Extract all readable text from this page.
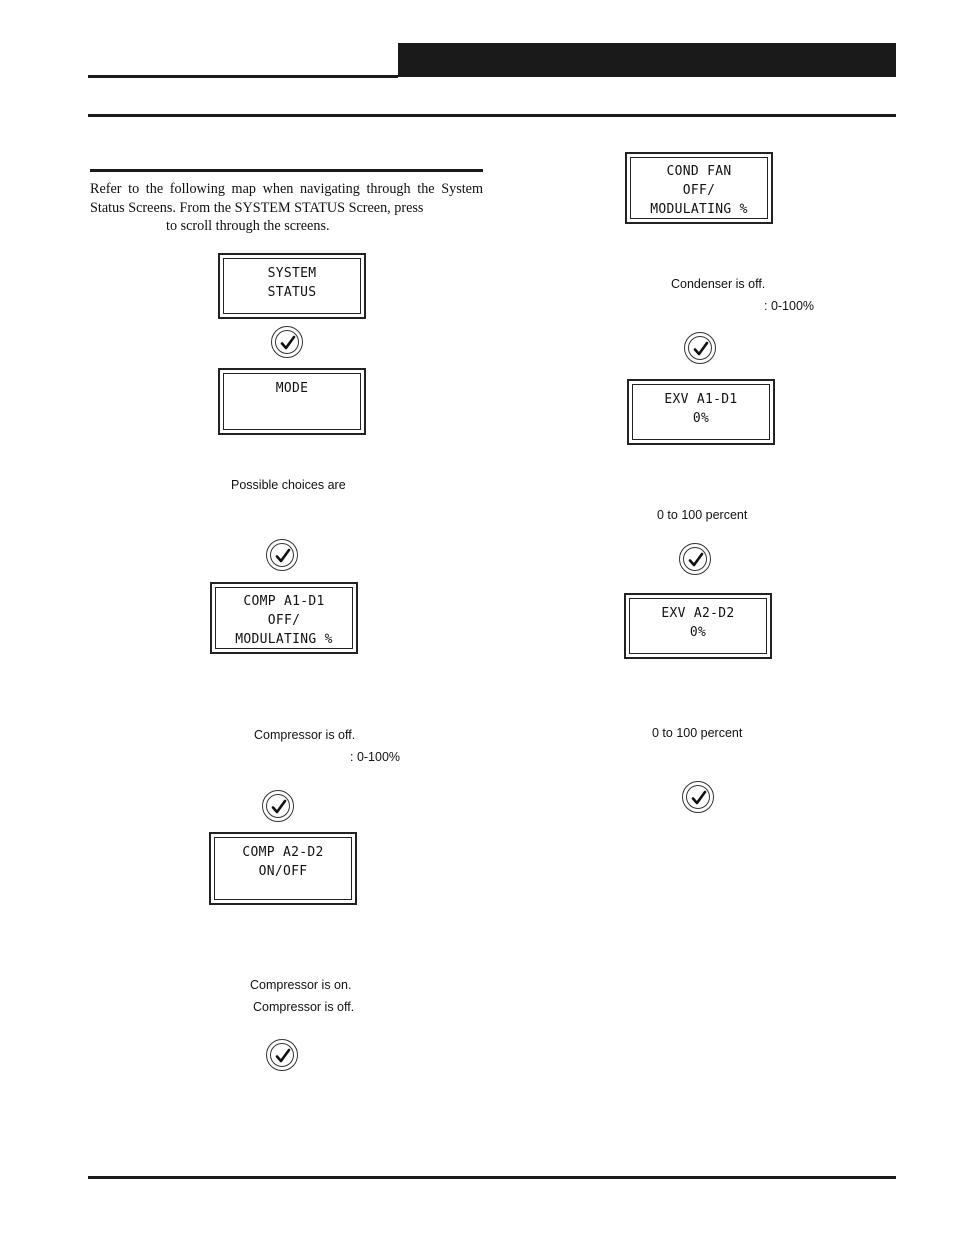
Refer to the following map when navigating through the System Status Screens. From the SYSTEM STATUS Screen, press
to scroll through the screens.
SYSTEM
STATUS
MODE
Possible choices are
COMP A1-D1
OFF/
MODULATING %
Compressor is off.
: 0-100%
COMP A2-D2
ON/OFF
Compressor is on.
Compressor is off.
COND FAN
OFF/
MODULATING %
Condenser is off.
: 0-100%
EXV A1-D1
0%
0 to 100 percent
EXV A2-D2
0%
0 to 100 percent
